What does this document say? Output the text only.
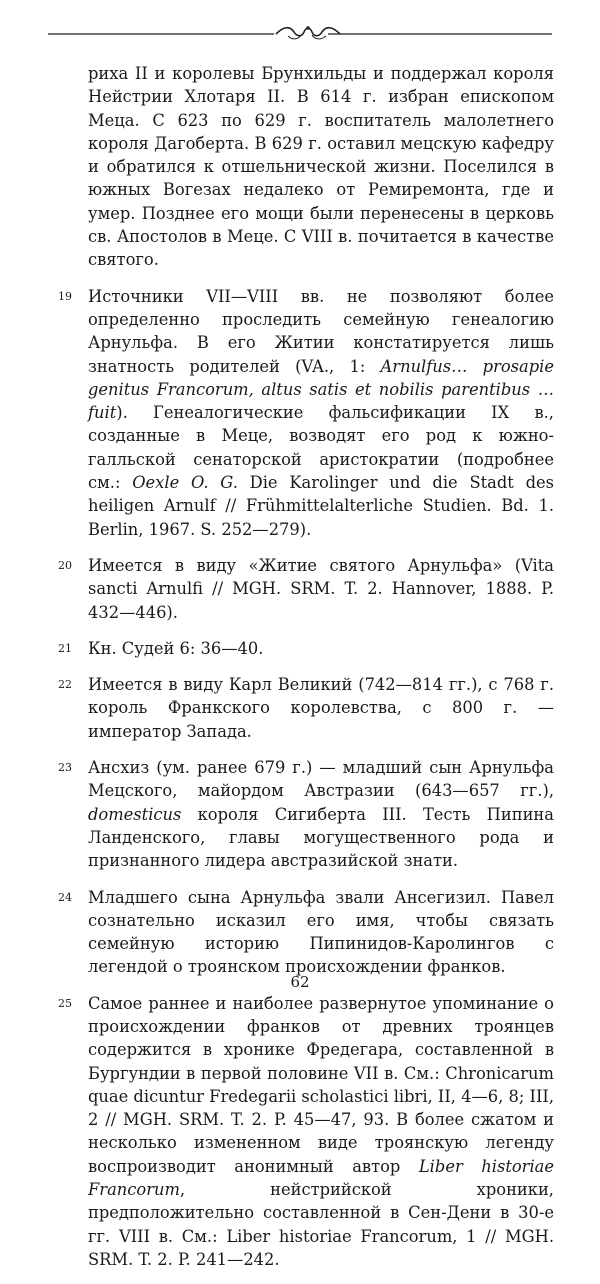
риха II и королевы Брунхильды и поддержал короля Нейстрии Хлотаря II. В 614 г. избран епископом Меца. С 623 по 629 г. воспитатель малолетнего короля Дагоберта. В 629 г. оставил мецскую кафедру и обратился к отшельнической жизни. Поселился в южных Вогезах недалеко от Ремиремонта, где и умер. Позднее его мощи были перенесены в церковь св. Апостолов в Меце. С VIII в. почитается в качестве святого.
19 Источники VII—VIII вв. не позволяют более определенно проследить семейную генеалогию Арнульфа. В его Житии констатируется лишь знатность родителей (VA., 1: Arnulfus… prosapie genitus Francorum, altus satis et nobilis parentibus … fuit). Генеалогические фальсификации IX в., созданные в Меце, возводят его род к южно-галльской сенаторской аристократии (подробнее см.: Oexle O. G. Die Karolinger und die Stadt des heiligen Arnulf // Frühmittelalterliche Studien. Bd. 1. Berlin, 1967. S. 252—279).
20 Имеется в виду «Житие святого Арнульфа» (Vita sancti Arnulfi // MGH. SRM. T. 2. Hannover, 1888. P. 432—446).
21 Кн. Судей 6: 36—40.
22 Имеется в виду Карл Великий (742—814 гг.), с 768 г. король Франкского королевства, с 800 г. — император Запада.
23 Ансхиз (ум. ранее 679 г.) — младший сын Арнульфа Мецского, майордом Австразии (643—657 гг.), domesticus короля Сигиберта III. Тесть Пипина Ланденского, главы могущественного рода и признанного лидера австразийской знати.
24 Младшего сына Арнульфа звали Ансегизил. Павел сознательно исказил его имя, чтобы связать семейную историю Пипинидов-Каролингов с легендой о троянском происхождении франков.
25 Самое раннее и наиболее развернутое упоминание о происхождении франков от древних троянцев содержится в хронике Фредегара, составленной в Бургундии в первой половине VII в. См.: Chronicarum quae dicuntur Fredegarii scholastici libri, II, 4—6, 8; III, 2 // MGH. SRM. T. 2. P. 45—47, 93. В более сжатом и несколько измененном виде троянскую легенду воспроизводит анонимный автор Liber historiae Francorum, нейстрийской хроники, предположительно составленной в Сен-Дени в 30-е гг. VIII в. См.: Liber historiae Francorum, 1 // MGH. SRM. T. 2. P. 241—242.
62
